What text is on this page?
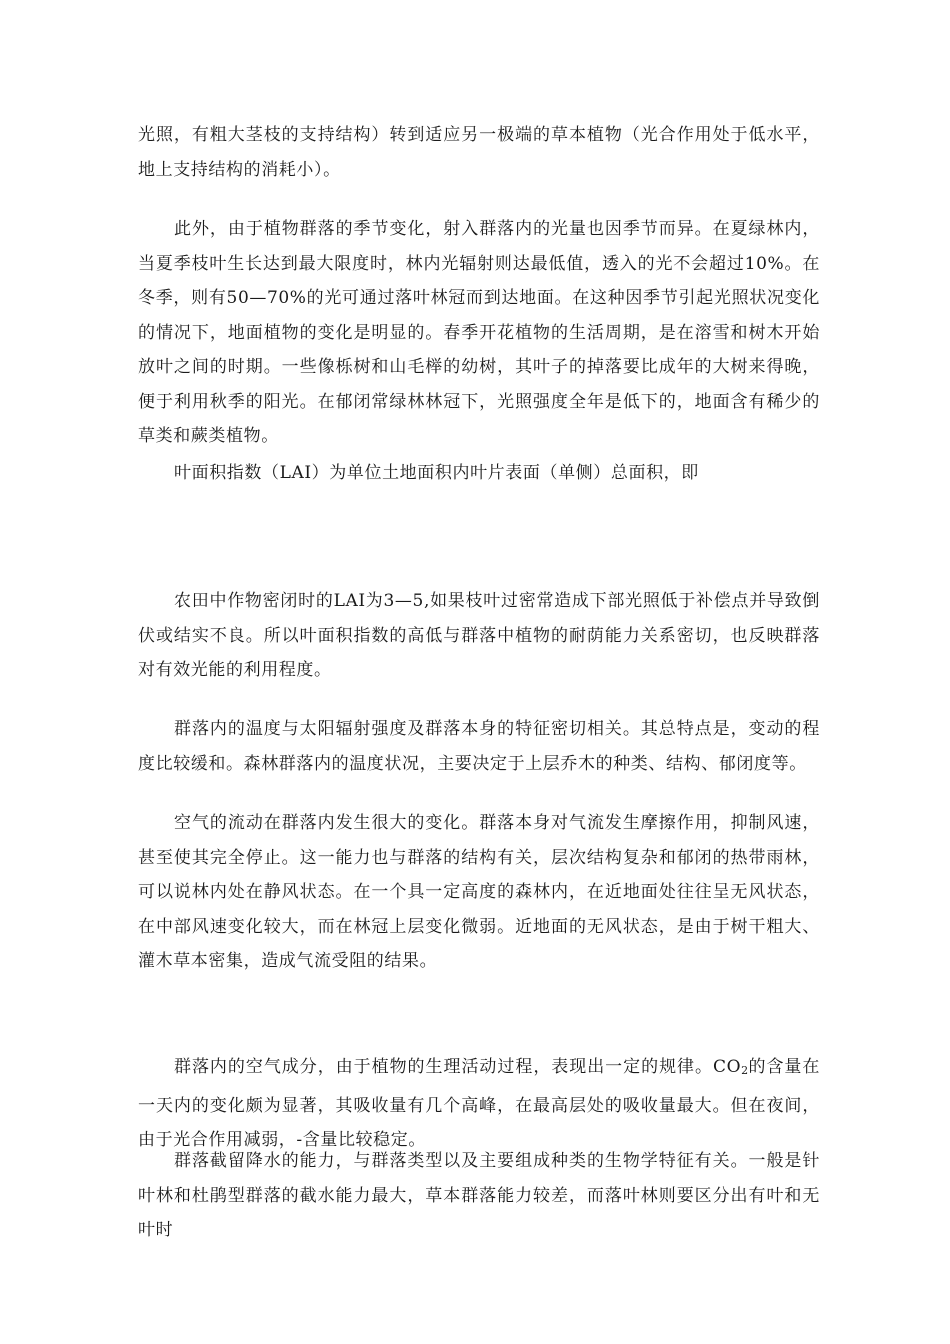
光照，有粗大茎枝的支持结构）转到适应另一极端的草本植物（光合作用处于低水平，地上支持结构的消耗小）。

此外，由于植物群落的季节变化，射入群落内的光量也因季节而异。在夏绿林内，当夏季枝叶生长达到最大限度时，林内光辐射则达最低值，透入的光不会超过10%。在冬季，则有50—70%的光可通过落叶林冠而到达地面。在这种因季节引起光照状况变化的情况下，地面植物的变化是明显的。春季开花植物的生活周期，是在溶雪和树木开始放叶之间的时期。一些像栎树和山毛榉的幼树，其叶子的掉落要比成年的大树来得晚，便于利用秋季的阳光。在郁闭常绿林林冠下，光照强度全年是低下的，地面含有稀少的草类和蕨类植物。

叶面积指数（LAI）为单位土地面积内叶片表面（单侧）总面积，即

农田中作物密闭时的LAI为3—5,如果枝叶过密常造成下部光照低于补偿点并导致倒伏或结实不良。所以叶面积指数的高低与群落中植物的耐荫能力关系密切，也反映群落对有效光能的利用程度。

群落内的温度与太阳辐射强度及群落本身的特征密切相关。其总特点是，变动的程度比较缓和。森林群落内的温度状况，主要决定于上层乔木的种类、结构、郁闭度等。

空气的流动在群落内发生很大的变化。群落本身对气流发生摩擦作用，抑制风速，甚至使其完全停止。这一能力也与群落的结构有关，层次结构复杂和郁闭的热带雨林，可以说林内处在静风状态。在一个具一定高度的森林内，在近地面处往往呈无风状态，在中部风速变化较大，而在林冠上层变化微弱。近地面的无风状态，是由于树干粗大、灌木草本密集，造成气流受阻的结果。

群落内的空气成分，由于植物的生理活动过程，表现出一定的规律。CO2的含量在一天内的变化颇为显著，其吸收量有几个高峰，在最高层处的吸收量最大。但在夜间，由于光合作用减弱，-含量比较稳定。

群落截留降水的能力，与群落类型以及主要组成种类的生物学特征有关。一般是针叶林和杜鹃型群落的截水能力最大，草本群落能力较差，而落叶林则要区分出有叶和无叶时
